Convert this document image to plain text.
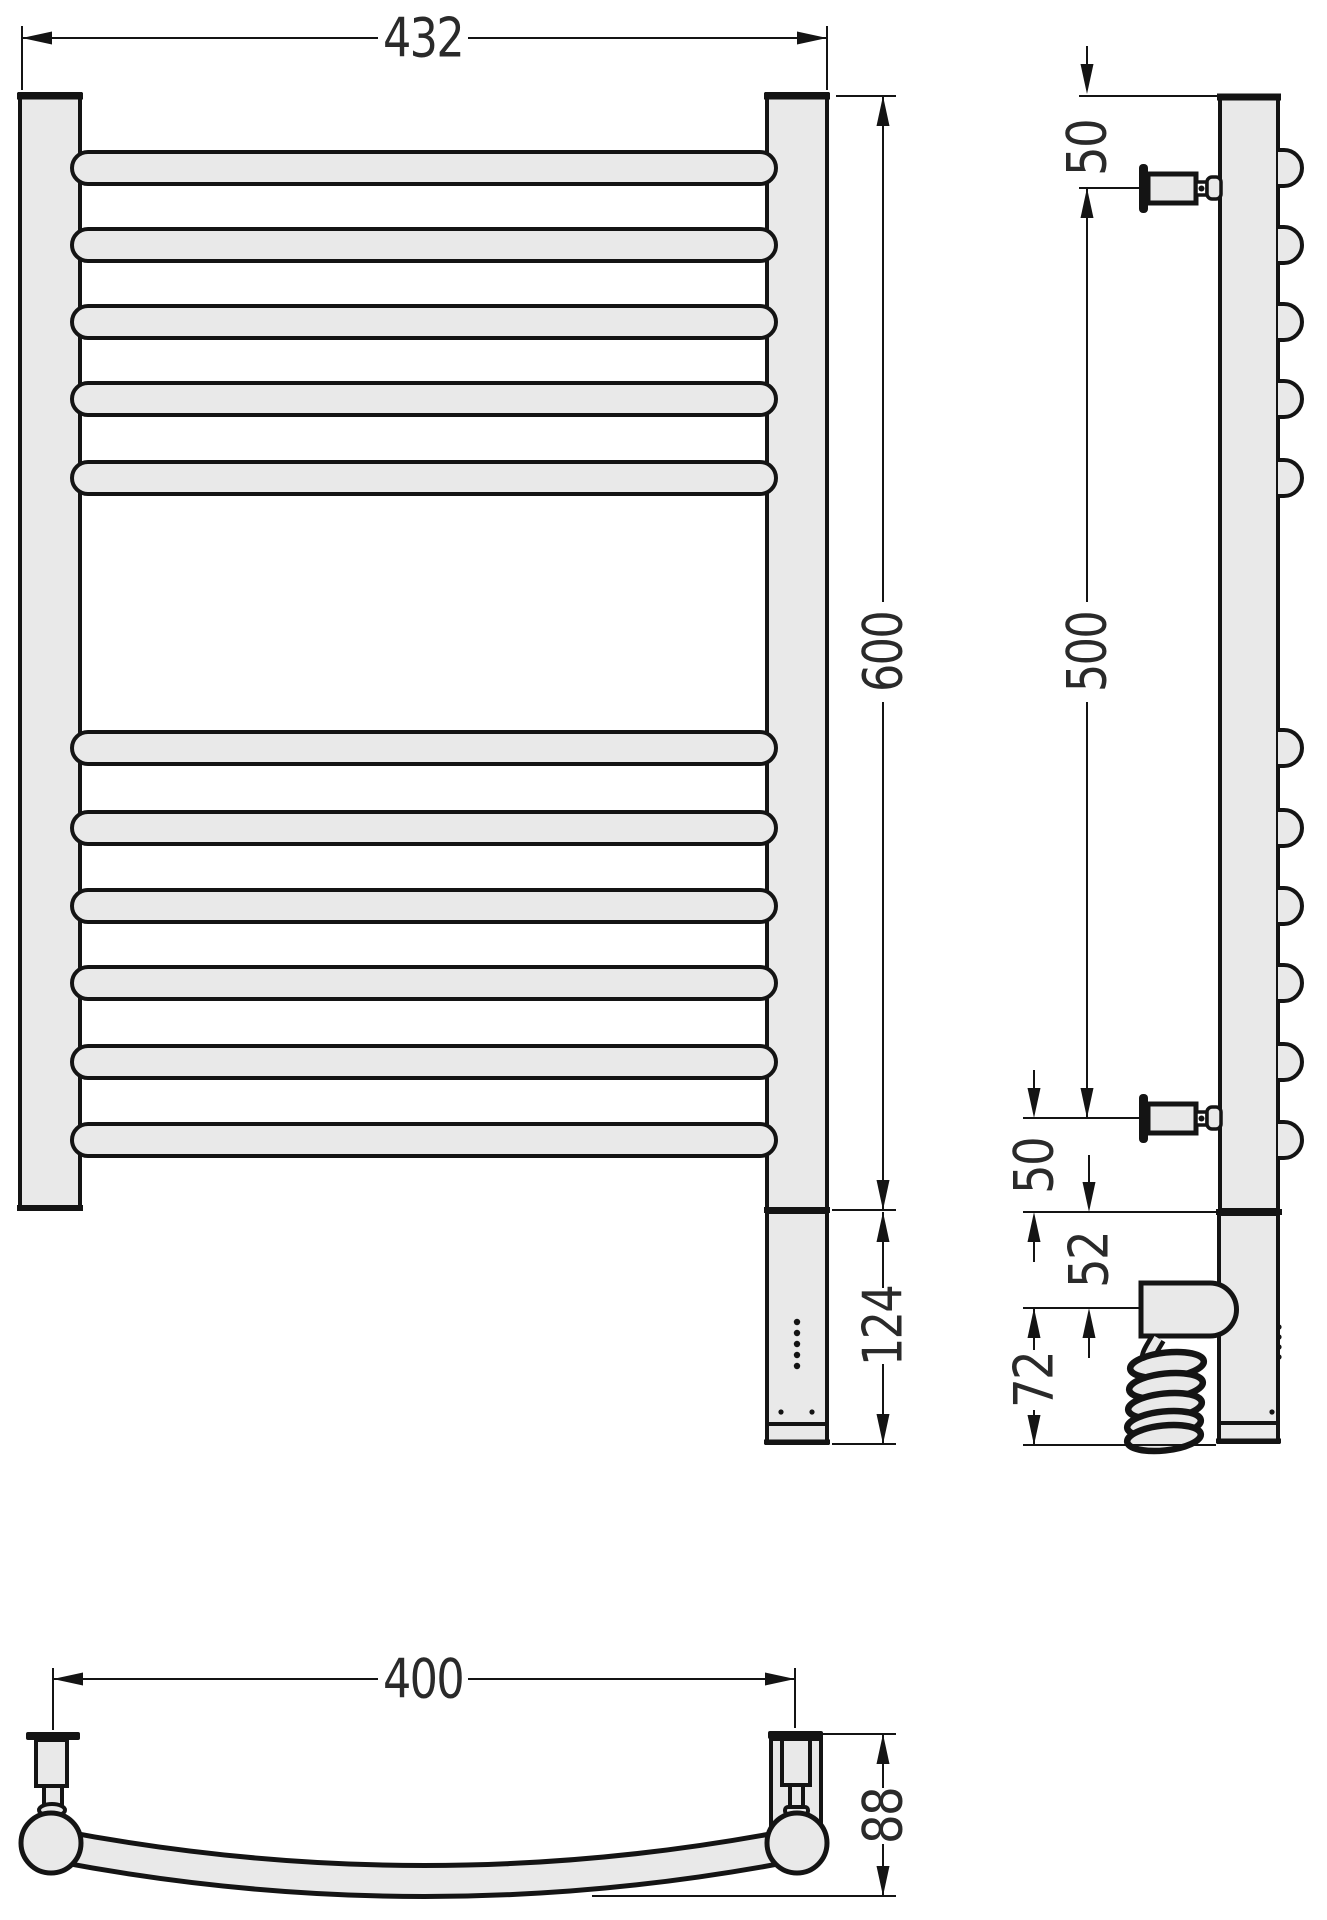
432
600
124
50
500
50
52
72
400
88
